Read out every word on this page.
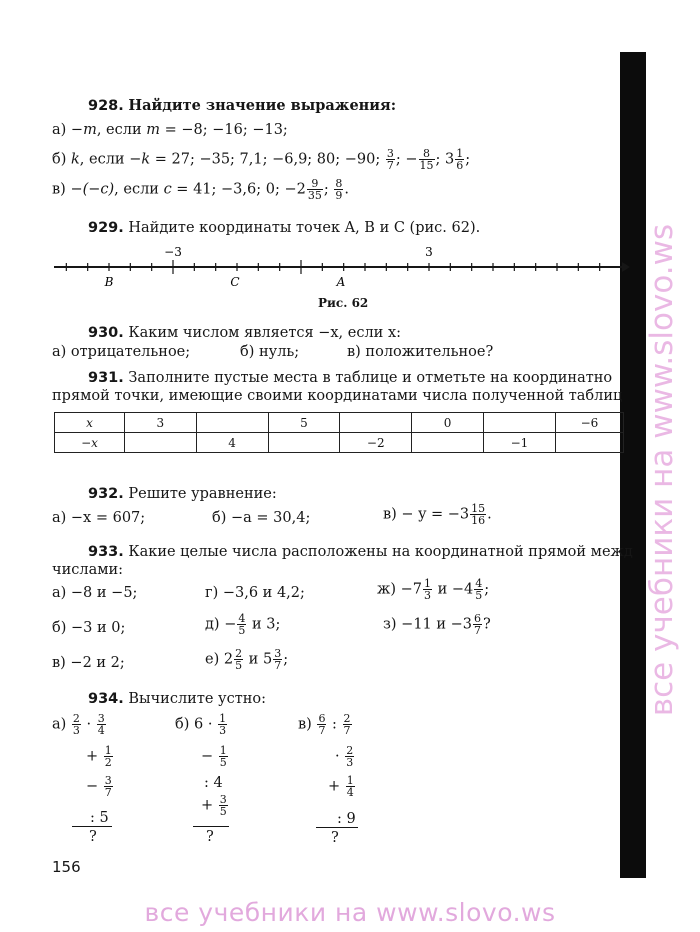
все учебники на www.slovo.ws
928. Найдите значение выражения:
а) −m, если m = −8; −16; −13;
б) k, если −k = 27; −35; 7,1; −6,9; 80; −90; $\frac{3}{7}$ ; − $\frac{8}{15}$ ; $3 \frac{1}{6}$ ;
в) −(−c), если c = 41; −3,6; 0; $-2 \frac{9}{35}$ ; $\frac{8}{9}$ .
929. Найдите координаты точек A, B и C (рис. 62).
−3	3
B	C	A
Рис. 62
930. Каким числом является −x, если x:
а) отрицательное;	б) нуль;	в) положительное?
931. Заполните пустые места в таблице и отметьте на координатно
прямой точки, имеющие своими координатами числа полученной таблиц
x	3		5		0		−6
−x		4		−2		−1	
932. Решите уравнение:
а) −x = 607;	б) −a = 30,4;	$в) - y = -3 \frac{15}{16}$ .
933. Какие целые числа расположены на координатной прямой межд
числами:
а) −8 и −5;	г) −3,6 и 4,2;	$ж) -7 \frac{1}{3}$ $и -4 \frac{4}{5}$ ;
б) −3 и 0;	$д) - \frac{4}{5}$ и 3;	з) −11 $и -3 \frac{6}{7}$ ?
в) −2 и 2;	е) $2 \frac{2}{5}$ и $5 \frac{3}{7}$ ;
934. Вычислите устно:
$а) \frac{2}{3} \cdot \frac{3}{4}$
+ $\frac{1}{2}$
− $\frac{3}{7}$
: 5
?
б) $6 \cdot \frac{1}{3}$
− $\frac{1}{5}$
: 4
+ $\frac{3}{5}$
?
$в) \frac{6}{7}$ : $\frac{2}{7}$
· $\frac{2}{3}$
+ $\frac{1}{4}$
: 9
?
156
все учебники на www.slovo.ws
